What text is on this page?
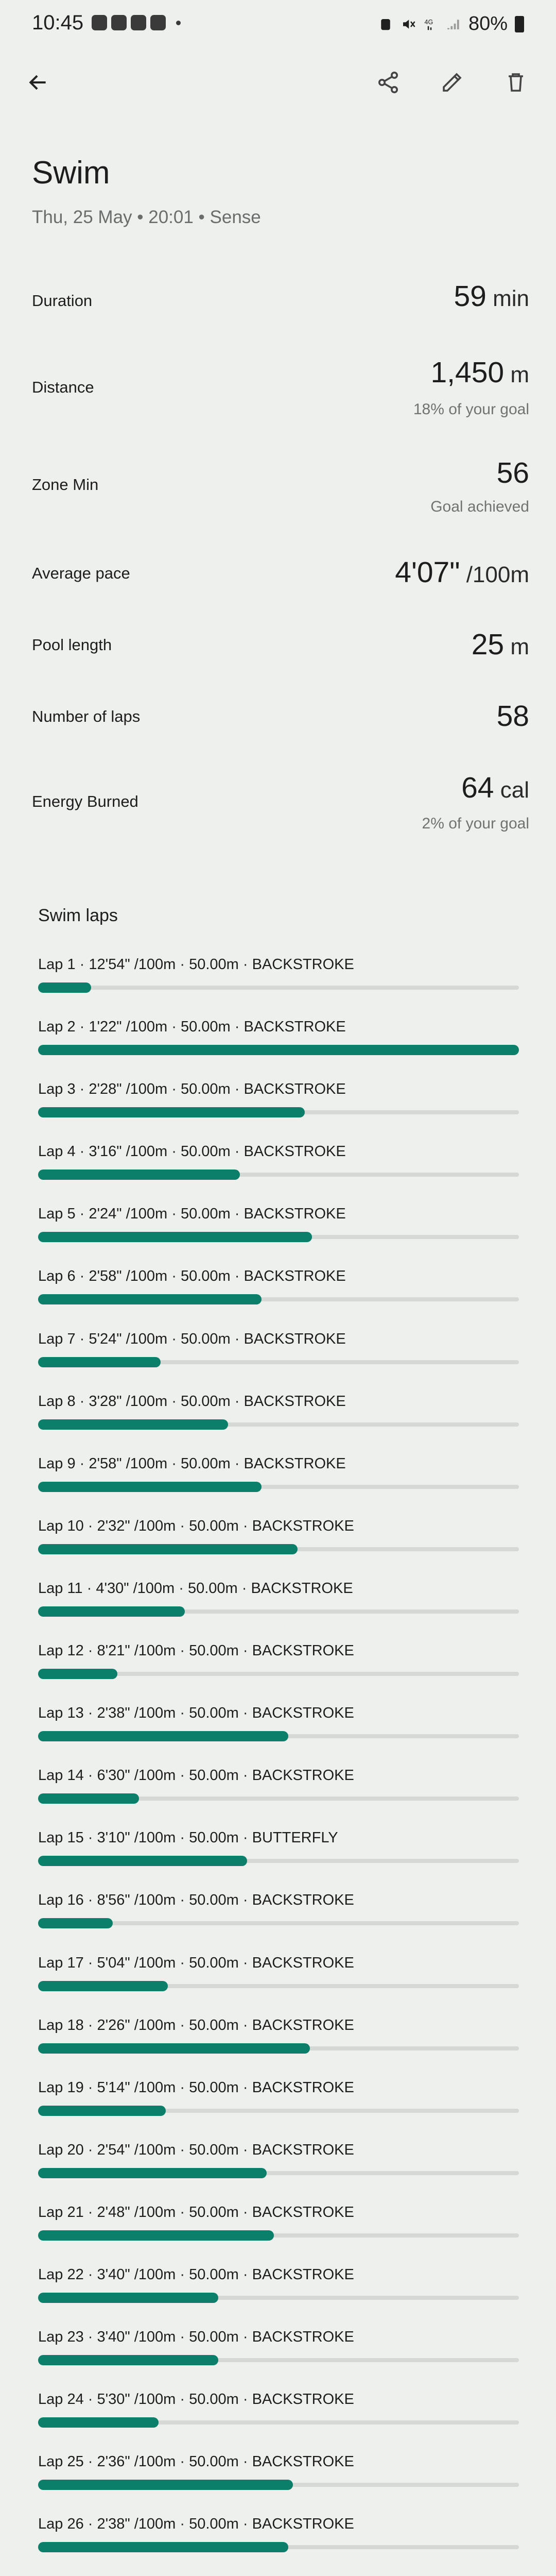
10:45	4G 80%
Swim
Thu, 25 May • 20:01 • Sense
Duration	59 min
Distance	1,450 m
18% of your goal
Zone Min	56
Goal achieved
Average pace	4'07" /100m
Pool length	25 m
Number of laps	58
Energy Burned	64 cal
2% of your goal
Swim laps
Lap 1 · 12'54" /100m · 50.00m · BACKSTROKE
Lap 2 · 1'22" /100m · 50.00m · BACKSTROKE
Lap 3 · 2'28" /100m · 50.00m · BACKSTROKE
Lap 4 · 3'16" /100m · 50.00m · BACKSTROKE
Lap 5 · 2'24" /100m · 50.00m · BACKSTROKE
Lap 6 · 2'58" /100m · 50.00m · BACKSTROKE
Lap 7 · 5'24" /100m · 50.00m · BACKSTROKE
Lap 8 · 3'28" /100m · 50.00m · BACKSTROKE
Lap 9 · 2'58" /100m · 50.00m · BACKSTROKE
Lap 10 · 2'32" /100m · 50.00m · BACKSTROKE
Lap 11 · 4'30" /100m · 50.00m · BACKSTROKE
Lap 12 · 8'21" /100m · 50.00m · BACKSTROKE
Lap 13 · 2'38" /100m · 50.00m · BACKSTROKE
Lap 14 · 6'30" /100m · 50.00m · BACKSTROKE
Lap 15 · 3'10" /100m · 50.00m · BUTTERFLY
Lap 16 · 8'56" /100m · 50.00m · BACKSTROKE
Lap 17 · 5'04" /100m · 50.00m · BACKSTROKE
Lap 18 · 2'26" /100m · 50.00m · BACKSTROKE
Lap 19 · 5'14" /100m · 50.00m · BACKSTROKE
Lap 20 · 2'54" /100m · 50.00m · BACKSTROKE
Lap 21 · 2'48" /100m · 50.00m · BACKSTROKE
Lap 22 · 3'40" /100m · 50.00m · BACKSTROKE
Lap 23 · 3'40" /100m · 50.00m · BACKSTROKE
Lap 24 · 5'30" /100m · 50.00m · BACKSTROKE
Lap 25 · 2'36" /100m · 50.00m · BACKSTROKE
Lap 26 · 2'38" /100m · 50.00m · BACKSTROKE
